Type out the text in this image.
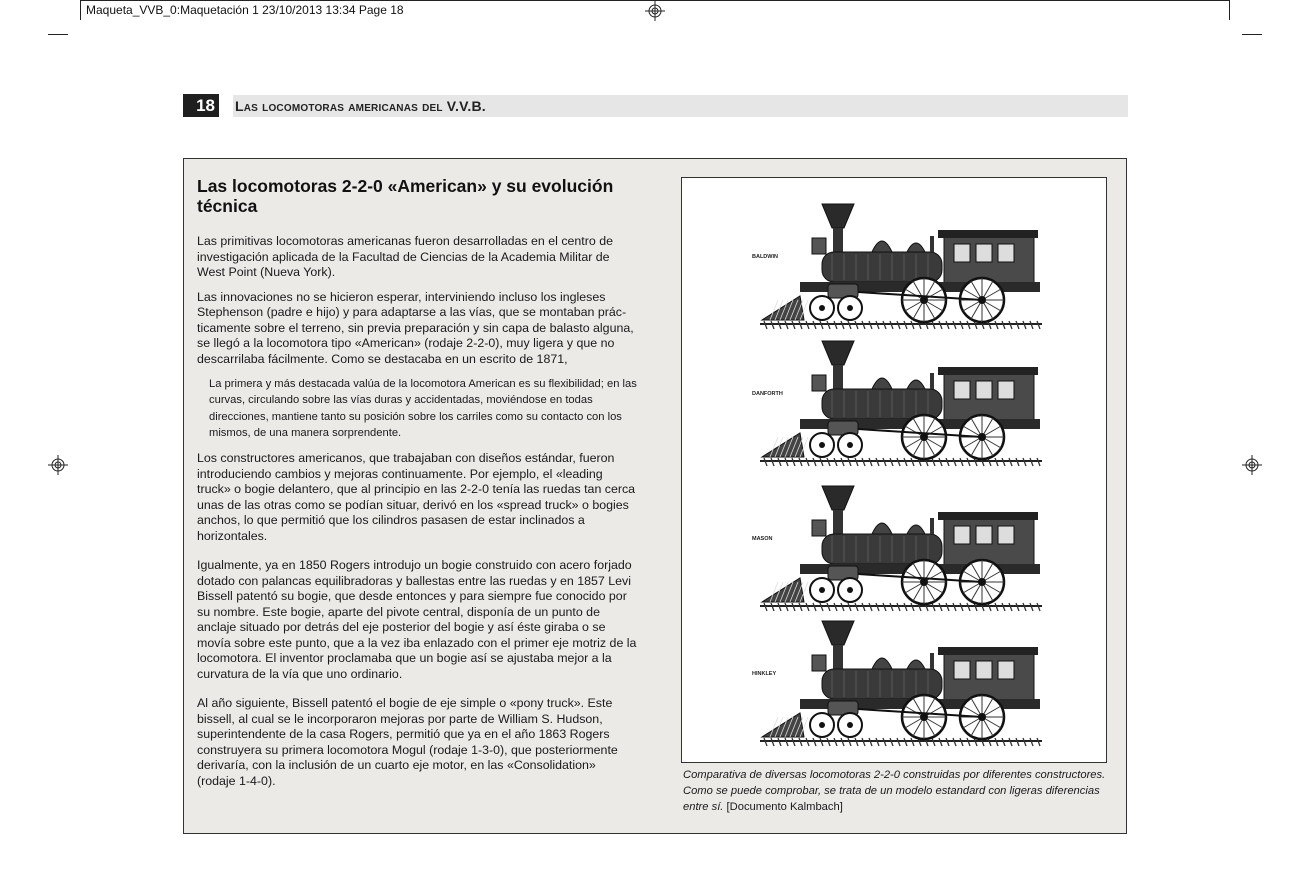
Maqueta_VVB_0:Maquetación 1 23/10/2013 13:34 Page 18
18 Las locomotoras americanas del V.V.B.
Las locomotoras 2-2-0 «American» y su evolución técnica

Las primitivas locomotoras americanas fueron desarrolladas en el centro de investigación aplicada de la Facultad de Ciencias de la Academia Militar de West Point (Nueva York).

Las innovaciones no se hicieron esperar, interviniendo incluso los ingleses Stephenson (padre e hijo) y para adaptarse a las vías, que se montaban prácticamente sobre el terreno, sin previa preparación y sin capa de balasto alguna, se llegó a la locomotora tipo «American» (rodaje 2-2-0), muy ligera y que no descarrilaba fácilmente. Como se destacaba en un escrito de 1871,

La primera y más destacada valúa de la locomotora American es su flexibilidad; en las curvas, circulando sobre las vías duras y accidentadas, moviéndose en todas direcciones, mantiene tanto su posición sobre los carriles como su contacto con los mismos, de una manera sorprendente.

Los constructores americanos, que trabajaban con diseños estándar, fueron introduciendo cambios y mejoras continuamente. Por ejemplo, el «leading truck» o bogie delantero, que al principio en las 2-2-0 tenía las ruedas tan cerca unas de las otras como se podían situar, derivó en los «spread truck» o bogies anchos, lo que permitió que los cilindros pasasen de estar inclinados a horizontales.

Igualmente, ya en 1850 Rogers introdujo un bogie construido con acero forjado dotado con palancas equilibradoras y ballestas entre las ruedas y en 1857 Levi Bissell patentó su bogie, que desde entonces y para siempre fue conocido por su nombre. Este bogie, aparte del pivote central, disponía de un punto de anclaje situado por detrás del eje posterior del bogie y así éste giraba o se movía sobre este punto, que a la vez iba enlazado con el primer eje motriz de la locomotora. El inventor proclamaba que un bogie así se ajustaba mejor a la curvatura de la vía que uno ordinario.

Al año siguiente, Bissell patentó el bogie de eje simple o «pony truck». Este bissell, al cual se le incorporaron mejoras por parte de William S. Hudson, superintendente de la casa Rogers, permitió que ya en el año 1863 Rogers construyera su primera locomotora Mogul (rodaje 1-3-0), que posteriormente derivaría, con la inclusión de un cuarto eje motor, en las «Consolidation» (rodaje 1-4-0).

BALDWIN
DANFORTH
MASON
HINKLEY
Comparativa de diversas locomotoras 2-2-0 construidas por diferentes constructores. Como se puede comprobar, se trata de un modelo estandard con ligeras diferencias entre sí. [Documento Kalmbach]
